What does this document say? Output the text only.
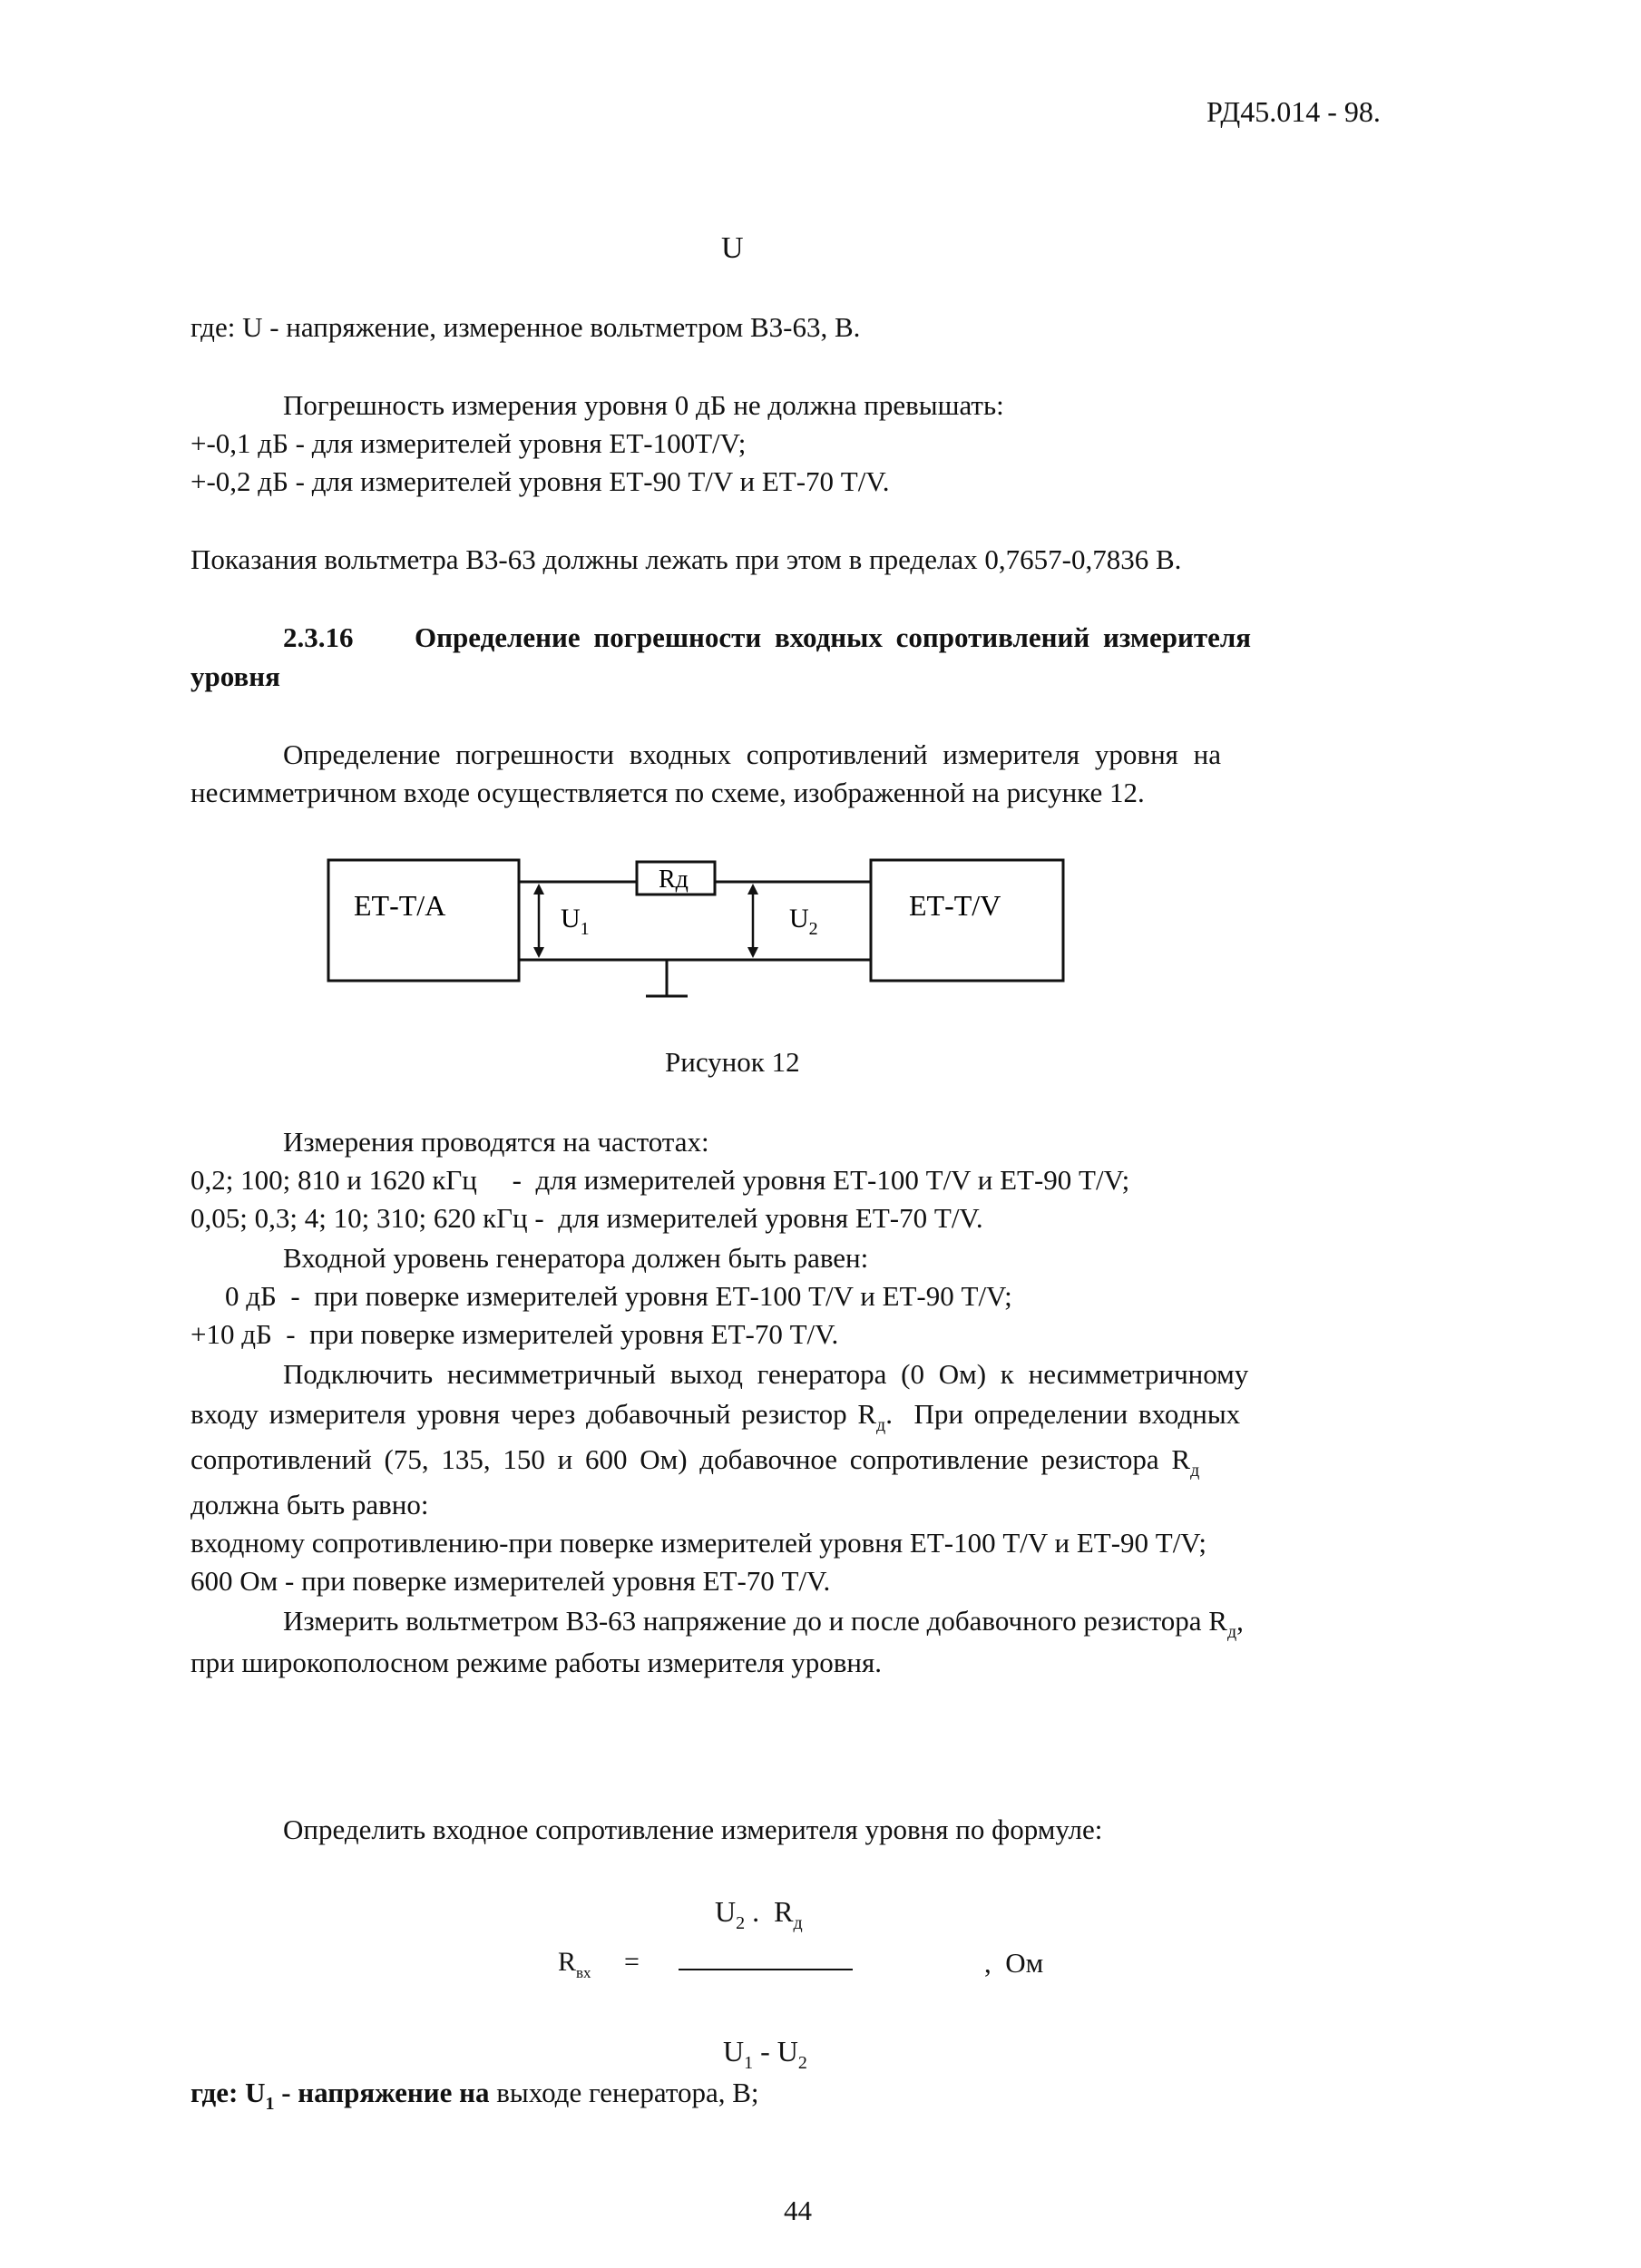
РД45.014 - 98.
U
где: U - напряжение, измеренное вольтметром В3-63, В.
Погрешность измерения уровня 0 дБ не должна превышать:
+-0,1 дБ - для измерителей уровня ЕТ-100Т/V;
+-0,2 дБ - для измерителей уровня ЕТ-90 Т/V и ЕТ-70 Т/V.
Показания вольтметра В3-63 должны лежать при этом в пределах 0,7657-0,7836 В.
2.3.16 Определение погрешности входных сопротивлений измерителя
уровня
Определение погрешности входных сопротивлений измерителя уровня на
несимметричном входе осуществляется по схеме, изображенной на рисунке 12.
ЕТ-Т/А	ЕТ-Т/V
Rд
$U_1$	$U_2$
Рисунок 12
Измерения проводятся на частотах:
0,2; 100; 810 и 1620 кГц     -  для измерителей уровня ЕТ-100 Т/V и ЕТ-90 Т/V;
0,05; 0,3; 4; 10; 310; 620 кГц -  для измерителей уровня ЕТ-70 Т/V.
Входной уровень генератора должен быть равен:
0 дБ  -  при поверке измерителей уровня ЕТ-100 Т/V и ЕТ-90 Т/V;
+10 дБ  -  при поверке измерителей уровня ЕТ-70 Т/V.
Подключить несимметричный выход генератора (0 Ом) к несимметричному
входу измерителя уровня через добавочный резистор $R_д$.  При определении входных
сопротивлений (75, 135, 150 и 600 Ом) добавочное сопротивление резистора $R_д$
должна быть равно:
входному сопротивлению-при поверке измерителей уровня ЕТ-100 Т/V и ЕТ-90 Т/V;
600 Ом - при поверке измерителей уровня ЕТ-70 Т/V.
Измерить вольтметром В3-63 напряжение до и после добавочного резистора $R_д$,
при широкополосном режиме работы измерителя уровня.
Определить входное сопротивление измерителя уровня по формуле:
$U_2$ .  $R_д$
$R_{вх}$ =	,  Ом
$U_1 - U_2$
где: $U_1$ - напряжение на выходе генератора, В;
44
